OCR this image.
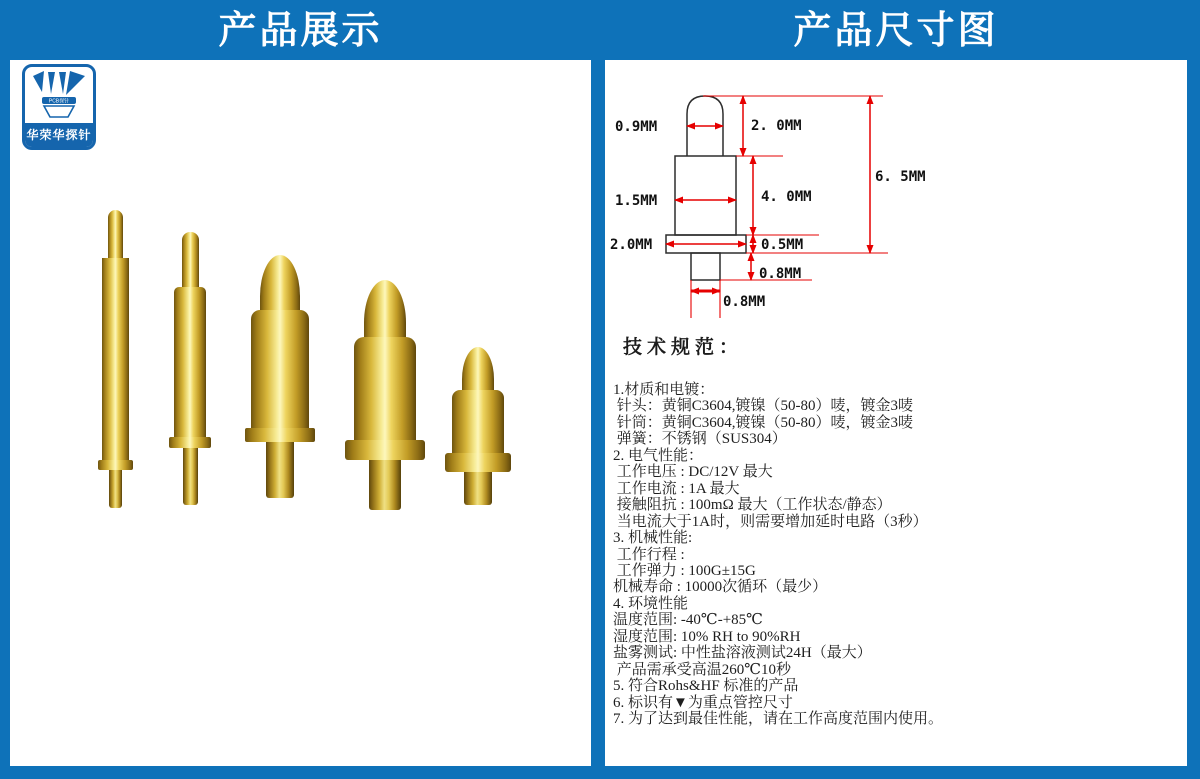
产品展示	产品尺寸图
PCB探针
华荣华探针	0.9MM	2. 0MM
1.5MM	4. 0MM
6. 5MM
2.0MM	0.5MM
0.8MM
0.8MM
技术规范：
1.材质和电镀：
针头：黄铜C3604,镀镍（50-80）唛，镀金3唛
针筒：黄铜C3604,镀镍（50-80）唛，镀金3唛
弹簧：不锈钢（SUS304）
2. 电气性能：
工作电压 : DC/12V 最大
工作电流 : 1A 最大
接触阻抗 : 100mΩ 最大（工作状态/静态）
当电流大于1A时，则需要增加延时电路（3秒）
3. 机械性能:
工作行程 :
工作弹力 : 100G±15G
机械寿命 : 10000次循环（最少）
4. 环境性能
温度范围: -40℃-+85℃
湿度范围: 10% RH to 90%RH
盐雾测试: 中性盐溶液测试24H（最大）
产品需承受高温260℃10秒
5. 符合Rohs&HF 标准的产品
6. 标识有▼为重点管控尺寸
7. 为了达到最佳性能，请在工作高度范围内使用。
